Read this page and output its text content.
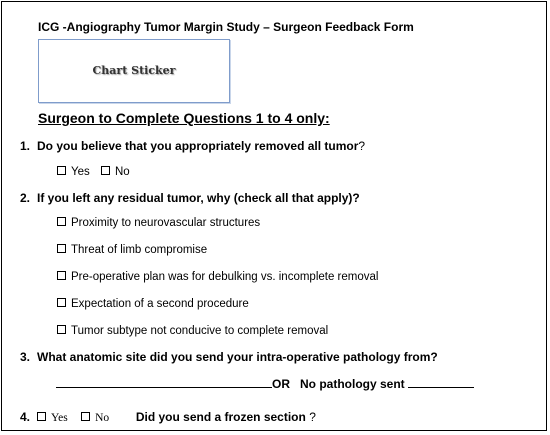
ICG -Angiography Tumor Margin Study – Surgeon Feedback Form
Chart Sticker
Surgeon to Complete Questions 1 to 4 only:
1. Do you believe that you appropriately removed all tumor?
Yes	No
2. If you left any residual tumor, why (check all that apply)?
Proximity to neurovascular structures
Threat of limb compromise
Pre-operative plan was for debulking vs. incomplete removal
Expectation of a second procedure
Tumor subtype not conducive to complete removal
3. What anatomic site did you send your intra-operative pathology from?
OR No pathology sent
4. Yes No Did you send a frozen section ?
